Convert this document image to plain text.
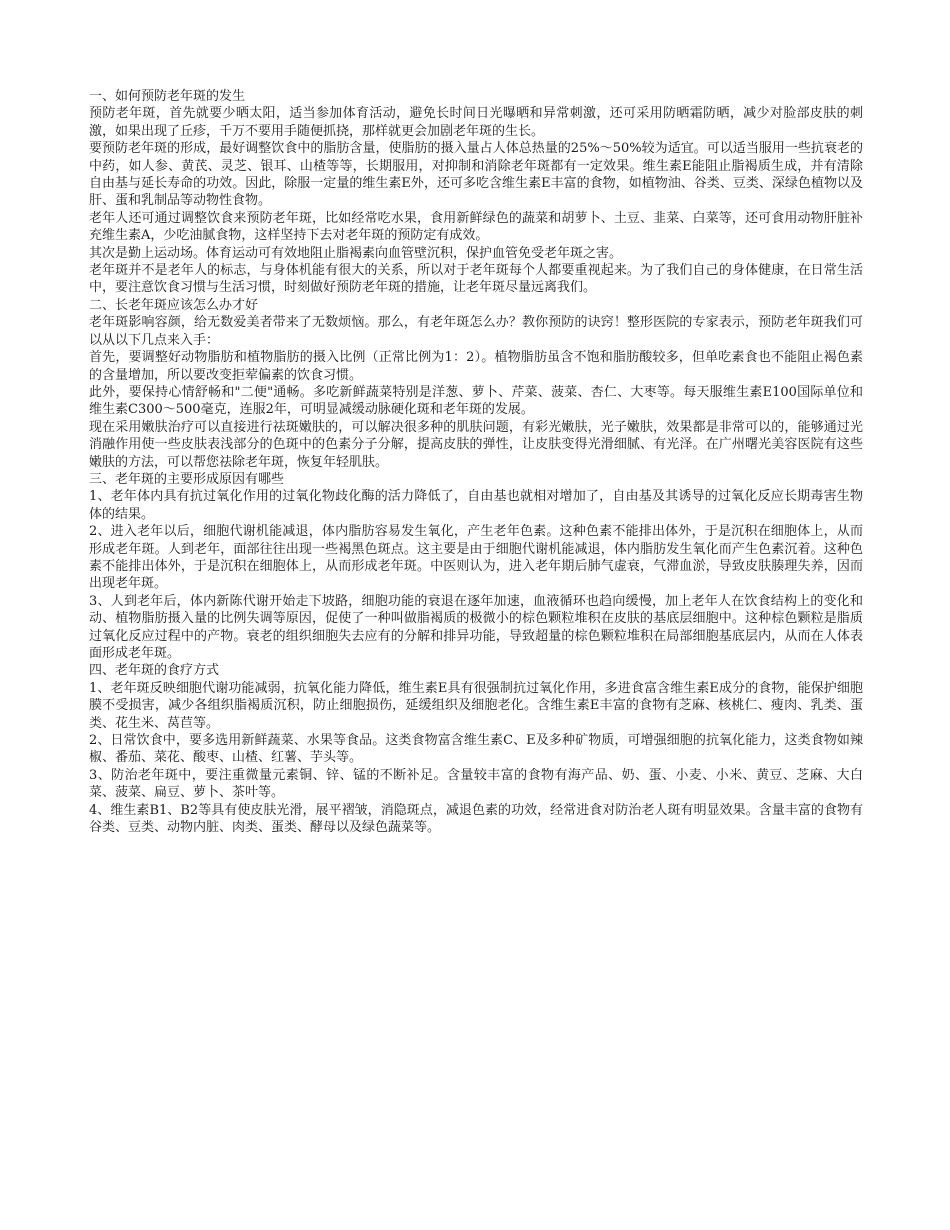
一、如何预防老年斑的发生

预防老年斑，首先就要少晒太阳，适当参加体育活动，避免长时间日光曝晒和异常刺激，还可采用防晒霜防晒，减少对脸部皮肤的刺激，如果出现了丘疹，千万不要用手随便抓挠，那样就更会加剧老年斑的生长。

要预防老年斑的形成，最好调整饮食中的脂肪含量，使脂肪的摄入量占人体总热量的25%～50%较为适宜。可以适当服用一些抗衰老的中药，如人参、黄芪、灵芝、银耳、山楂等等，长期服用，对抑制和消除老年斑都有一定效果。维生素E能阻止脂褐质生成，并有清除自由基与延长寿命的功效。因此，除服一定量的维生素E外，还可多吃含维生素E丰富的食物，如植物油、谷类、豆类、深绿色植物以及肝、蛋和乳制品等动物性食物。

老年人还可通过调整饮食来预防老年斑，比如经常吃水果，食用新鲜绿色的蔬菜和胡萝卜、土豆、韭菜、白菜等，还可食用动物肝脏补充维生素A，少吃油腻食物，这样坚持下去对老年斑的预防定有成效。

其次是勤上运动场。体育运动可有效地阻止脂褐素向血管壁沉积，保护血管免受老年斑之害。

老年斑并不是老年人的标志，与身体机能有很大的关系，所以对于老年斑每个人都要重视起来。为了我们自己的身体健康，在日常生活中，要注意饮食习惯与生活习惯，时刻做好预防老年斑的措施，让老年斑尽量远离我们。

二、长老年斑应该怎么办才好

老年斑影响容颜，给无数爱美者带来了无数烦恼。那么，有老年斑怎么办？教你预防的诀窍！整形医院的专家表示，预防老年斑我们可以从以下几点来入手：

首先，要调整好动物脂肪和植物脂肪的摄入比例（正常比例为1：2）。植物脂肪虽含不饱和脂肪酸较多，但单吃素食也不能阻止褐色素的含量增加，所以要改变拒荤偏素的饮食习惯。

此外，要保持心情舒畅和"二便"通畅。多吃新鲜蔬菜特别是洋葱、萝卜、芹菜、菠菜、杏仁、大枣等。每天服维生素E100国际单位和维生素C300～500毫克，连服2年，可明显减缓动脉硬化斑和老年斑的发展。

现在采用嫩肤治疗可以直接进行祛斑嫩肤的，可以解决很多种的肌肤问题，有彩光嫩肤，光子嫩肤，效果都是非常可以的，能够通过光消融作用使一些皮肤表浅部分的色斑中的色素分子分解，提高皮肤的弹性，让皮肤变得光滑细腻、有光泽。在广州曙光美容医院有这些嫩肤的方法，可以帮您祛除老年斑，恢复年轻肌肤。

三、老年斑的主要形成原因有哪些

1、老年体内具有抗过氧化作用的过氧化物歧化酶的活力降低了，自由基也就相对增加了，自由基及其诱导的过氧化反应长期毒害生物体的结果。

2、进入老年以后，细胞代谢机能减退，体内脂肪容易发生氧化，产生老年色素。这种色素不能排出体外，于是沉积在细胞体上，从而形成老年斑。人到老年，面部往往出现一些褐黑色斑点。这主要是由于细胞代谢机能减退，体内脂肪发生氧化而产生色素沉着。这种色素不能排出体外，于是沉积在细胞体上，从而形成老年斑。中医则认为，进入老年期后肺气虚衰，气滞血淤，导致皮肤腠理失养，因而出现老年斑。

3、人到老年后，体内新陈代谢开始走下坡路，细胞功能的衰退在逐年加速，血液循环也趋向缓慢，加上老年人在饮食结构上的变化和动、植物脂肪摄入量的比例失调等原因，促使了一种叫做脂褐质的极微小的棕色颗粒堆积在皮肤的基底层细胞中。这种棕色颗粒是脂质过氧化反应过程中的产物。衰老的组织细胞失去应有的分解和排异功能，导致超量的棕色颗粒堆积在局部细胞基底层内，从而在人体表面形成老年斑。

四、老年斑的食疗方式

1、老年斑反映细胞代谢功能减弱，抗氧化能力降低，维生素E具有很强制抗过氧化作用，多进食富含维生素E成分的食物，能保护细胞膜不受损害，减少各组织脂褐质沉积，防止细胞损伤，延缓组织及细胞老化。含维生素E丰富的食物有芝麻、核桃仁、瘦肉、乳类、蛋类、花生米、莴苣等。

2、日常饮食中，要多选用新鲜蔬菜、水果等食品。这类食物富含维生素C、E及多种矿物质，可增强细胞的抗氧化能力，这类食物如辣椒、番茄、菜花、酸枣、山楂、红薯、芋头等。

3、防治老年斑中，要注重微量元素铜、锌、锰的不断补足。含量较丰富的食物有海产品、奶、蛋、小麦、小米、黄豆、芝麻、大白菜、菠菜、扁豆、萝卜、茶叶等。

4、维生素B1、B2等具有使皮肤光滑，展平褶皱，消隐斑点，减退色素的功效，经常进食对防治老人斑有明显效果。含量丰富的食物有谷类、豆类、动物内脏、肉类、蛋类、酵母以及绿色蔬菜等。
